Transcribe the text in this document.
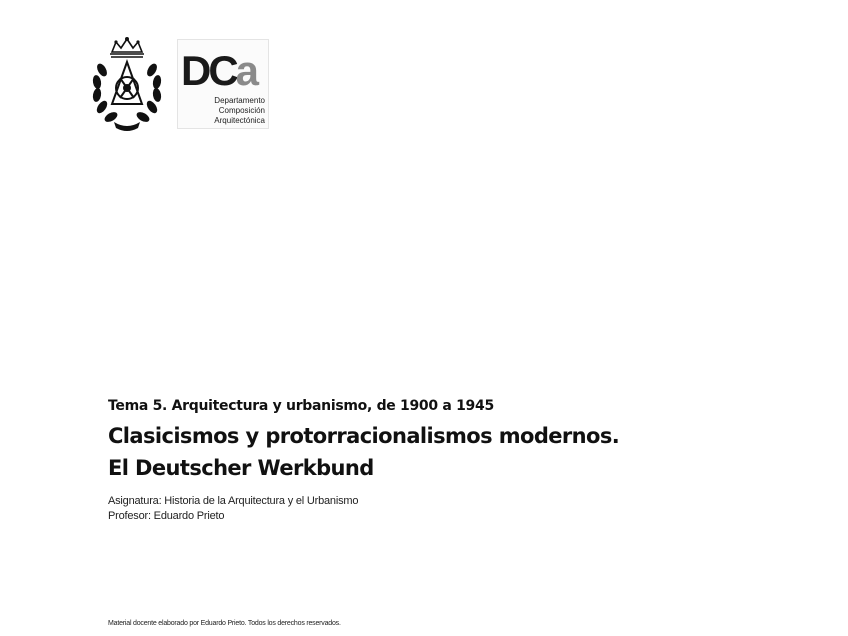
DCa
Departamento
Composición
Arquitectónica
Tema 5. Arquitectura y urbanismo, de 1900 a 1945
Clasicismos y protorracionalismos modernos.
El Deutscher Werkbund
Asignatura: Historia de la Arquitectura y el Urbanismo
Profesor: Eduardo Prieto
Material docente elaborado por Eduardo Prieto. Todos los derechos reservados.
